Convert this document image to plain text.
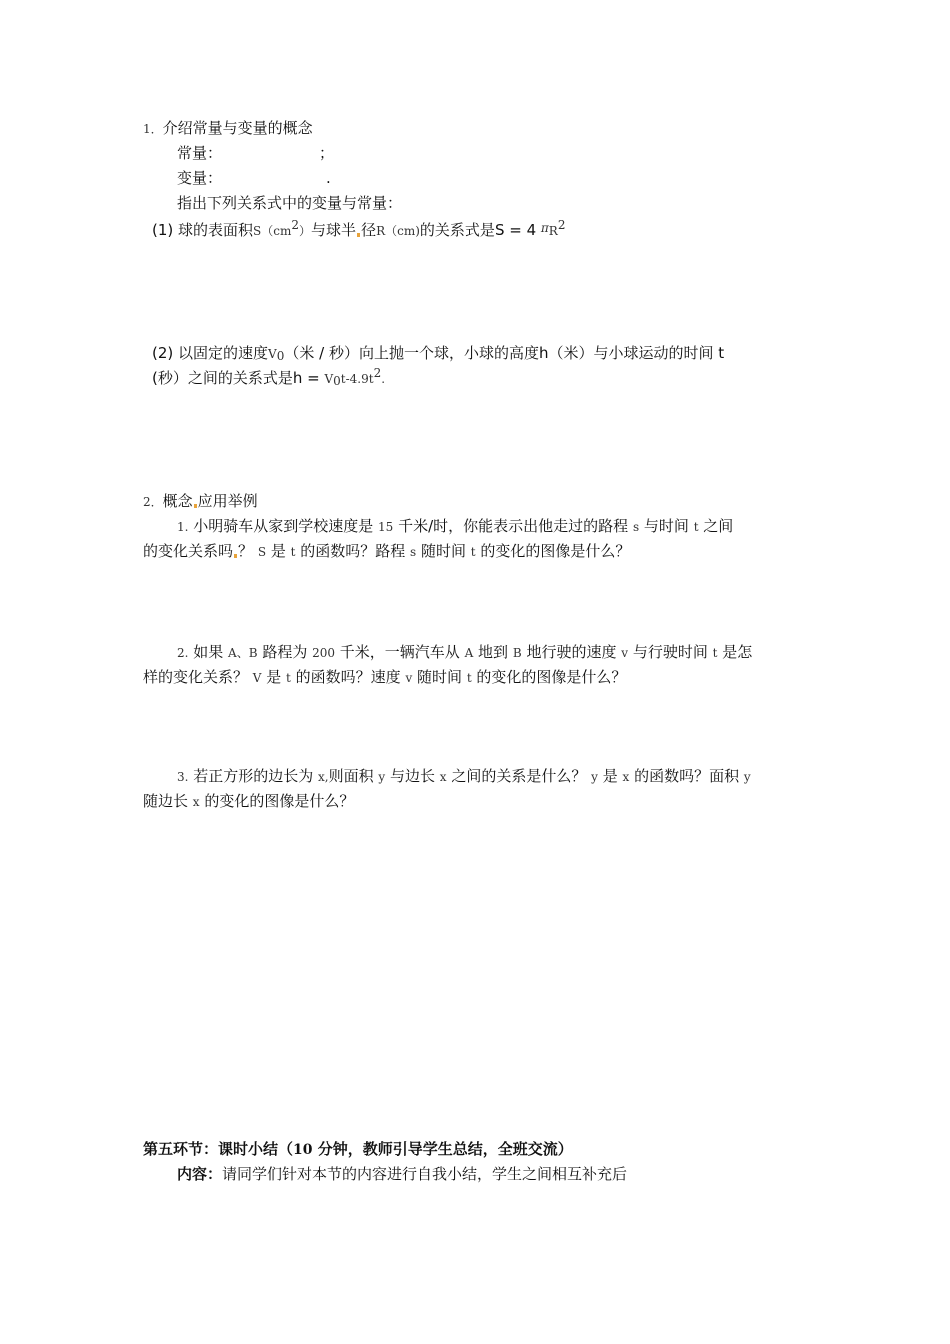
1．介绍常量与变量的概念
常量：	；
变量：	.
指出下列关系式中的变量与常量：
(1) 球的表面积$S(cm^2)$与球半 径R（cm)的关系式是S = 4 $^\pi R^2$
(2) 以固定的速度$V_0$（米 / 秒）向上抛一个球，小球的高度h（米）与小球运动的时间 t
(秒）之间的关系式是$h = V_0t-4.9t^2$.
2．概念 应用举例
1. 小明骑车从家到学校速度是 15 千米/时，你能表示出他走过的路程 s 与时间 t 之间
的变化关系吗 ？ S 是 t 的函数吗？路程 s 随时间 t 的变化的图像是什么？
2. 如果 A、B 路程为 200 千米，一辆汽车从 A 地到 B 地行驶的速度 v 与行驶时间 t 是怎
样的变化关系？ V 是 t 的函数吗？速度 v 随时间 t 的变化的图像是什么？
3. 若正方形的边长为 x,则面积 y 与边长 x 之间的关系是什么？ y 是 x 的函数吗？面积 y
随边长 x 的变化的图像是什么？
第五环节：课时小结（10 分钟，教师引导学生总结，全班交流）
内容：请同学们针对本节的内容进行自我小结，学生之间相互补充后
